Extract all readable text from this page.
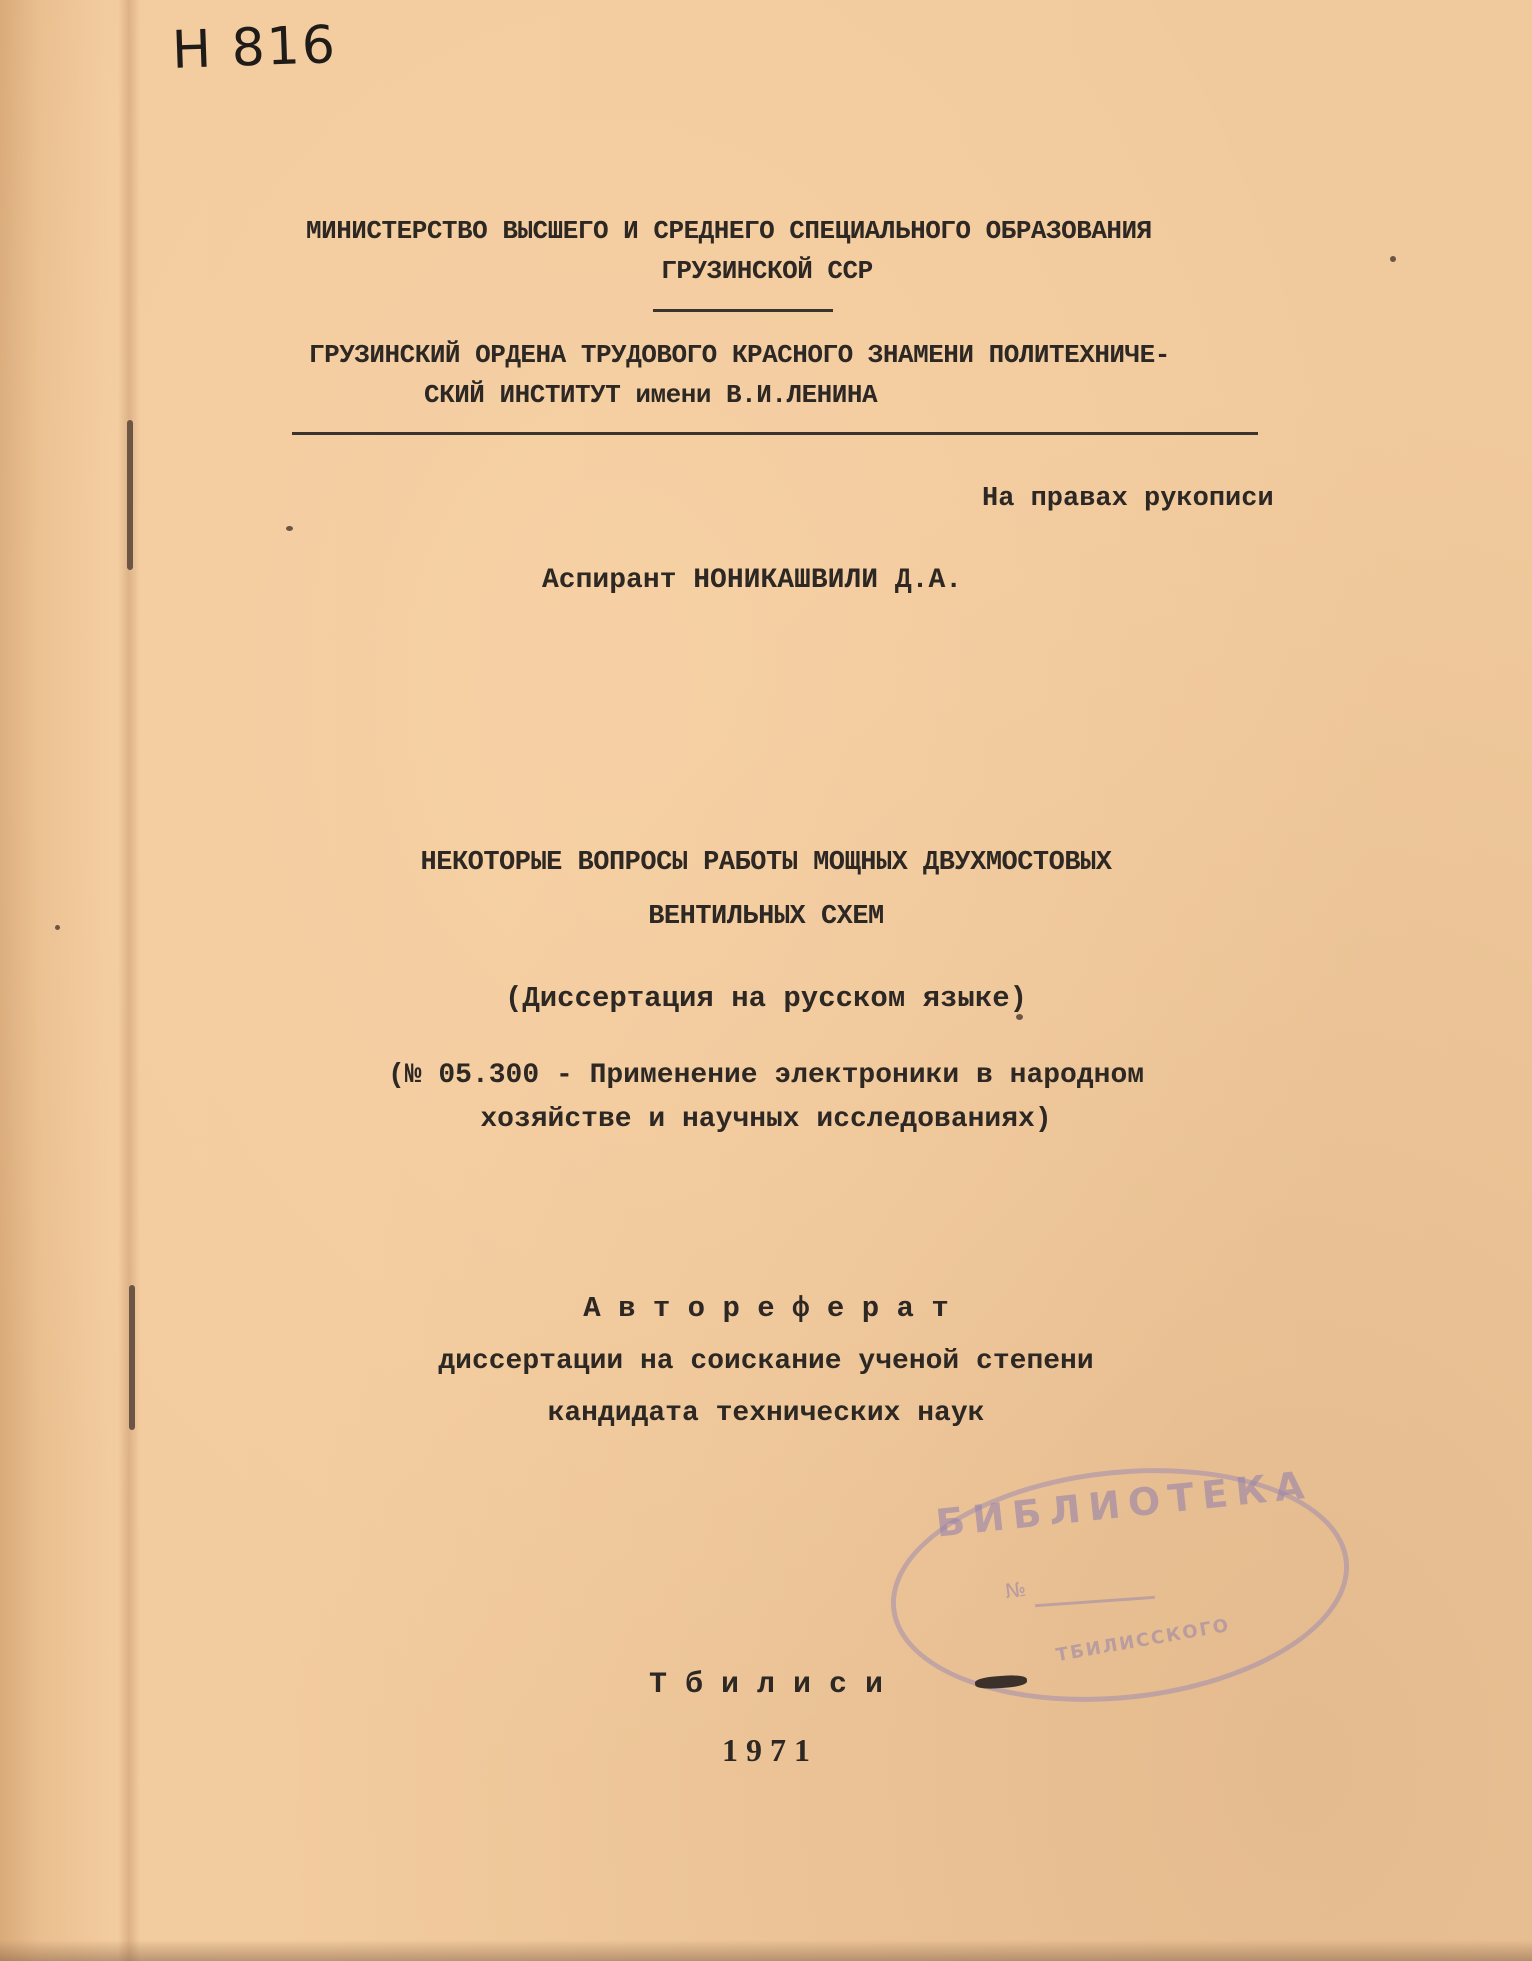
Н 816
МИНИСТЕРСТВО ВЫСШЕГО И СРЕДНЕГО СПЕЦИАЛЬНОГО ОБРАЗОВАНИЯ
ГРУЗИНСКОЙ ССР
ГРУЗИНСКИЙ ОРДЕНА ТРУДОВОГО КРАСНОГО ЗНАМЕНИ ПОЛИТЕХНИЧЕ-
СКИЙ ИНСТИТУТ имени В.И.ЛЕНИНА
На правах рукописи
Аспирант НОНИКАШВИЛИ Д.А.
НЕКОТОРЫЕ ВОПРОСЫ РАБОТЫ МОЩНЫХ ДВУХМОСТОВЫХ
ВЕНТИЛЬНЫХ СХЕМ
(Диссертация на русском языке)
(№ 05.300 - Применение электроники в народном
хозяйстве и научных исследованиях)
А в т о р е ф е р а т
диссертации на соискание ученой степени
кандидата технических наук
БИБЛИОТЕКА
№
ТБИЛИССКОГО
Т б и л и с и
1 9 7 1
